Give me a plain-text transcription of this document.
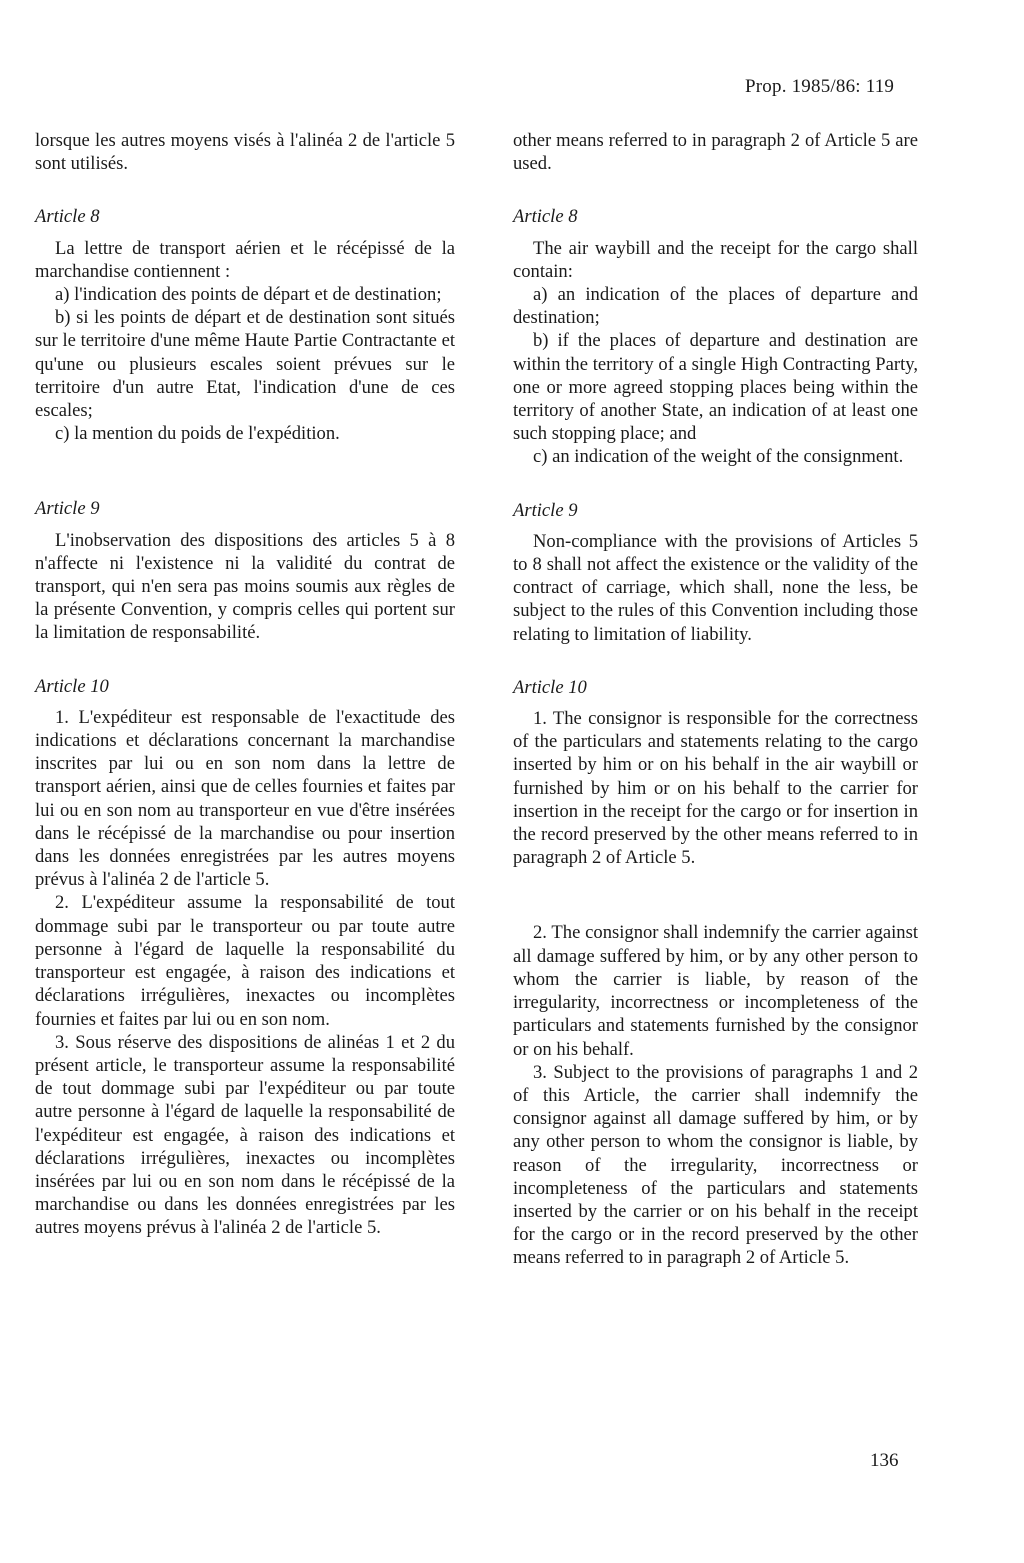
Prop. 1985/86: 119

lorsque les autres moyens visés à l'alinéa 2 de l'article 5 sont utilisés.

Article 8

La lettre de transport aérien et le récépissé de la marchandise contiennent :

a) l'indication des points de départ et de destination;

b) si les points de départ et de destination sont situés sur le territoire d'une même Haute Partie Contractante et qu'une ou plusieurs escales soient prévues sur le territoire d'un autre Etat, l'indication d'une de ces escales;

c) la mention du poids de l'expédition.

Article 9

L'inobservation des dispositions des articles 5 à 8 n'affecte ni l'existence ni la validité du contrat de transport, qui n'en sera pas moins soumis aux règles de la présente Convention, y compris celles qui portent sur la limitation de responsabilité.

Article 10

1. L'expéditeur est responsable de l'exactitude des indications et déclarations concernant la marchandise inscrites par lui ou en son nom dans la lettre de transport aérien, ainsi que de celles fournies et faites par lui ou en son nom au transporteur en vue d'être insérées dans le récépissé de la marchandise ou pour insertion dans les données enregistrées par les autres moyens prévus à l'alinéa 2 de l'article 5.

2. L'expéditeur assume la responsabilité de tout dommage subi par le transporteur ou par toute autre personne à l'égard de laquelle la responsabilité du transporteur est engagée, à raison des indications et déclarations irrégulières, inexactes ou incomplètes fournies et faites par lui ou en son nom.

3. Sous réserve des dispositions de alinéas 1 et 2 du présent article, le transporteur assume la responsabilité de tout dommage subi par l'expéditeur ou par toute autre personne à l'égard de laquelle la responsabilité de l'expéditeur est engagée, à raison des indications et déclarations irrégulières, inexactes ou incomplètes insérées par lui ou en son nom dans le récépissé de la marchandise ou dans les données enregistrées par les autres moyens prévus à l'alinéa 2 de l'article 5.

other means referred to in paragraph 2 of Article 5 are used.

Article 8

The air waybill and the receipt for the cargo shall contain:

a) an indication of the places of departure and destination;

b) if the places of departure and destination are within the territory of a single High Contracting Party, one or more agreed stopping places being within the territory of another State, an indication of at least one such stopping place; and

c) an indication of the weight of the consignment.

Article 9

Non-compliance with the provisions of Articles 5 to 8 shall not affect the existence or the validity of the contract of carriage, which shall, none the less, be subject to the rules of this Convention including those relating to limitation of liability.

Article 10

1. The consignor is responsible for the correctness of the particulars and statements relating to the cargo inserted by him or on his behalf in the air waybill or furnished by him or on his behalf to the carrier for insertion in the receipt for the cargo or for insertion in the record preserved by the other means referred to in paragraph 2 of Article 5.

2. The consignor shall indemnify the carrier against all damage suffered by him, or by any other person to whom the carrier is liable, by reason of the irregularity, incorrectness or incompleteness of the particulars and statements furnished by the consignor or on his behalf.

3. Subject to the provisions of paragraphs 1 and 2 of this Article, the carrier shall indemnify the consignor against all damage suffered by him, or by any other person to whom the consignor is liable, by reason of the irregularity, incorrectness or incompleteness of the particulars and statements inserted by the carrier or on his behalf in the receipt for the cargo or in the record preserved by the other means referred to in paragraph 2 of Article 5.

136
